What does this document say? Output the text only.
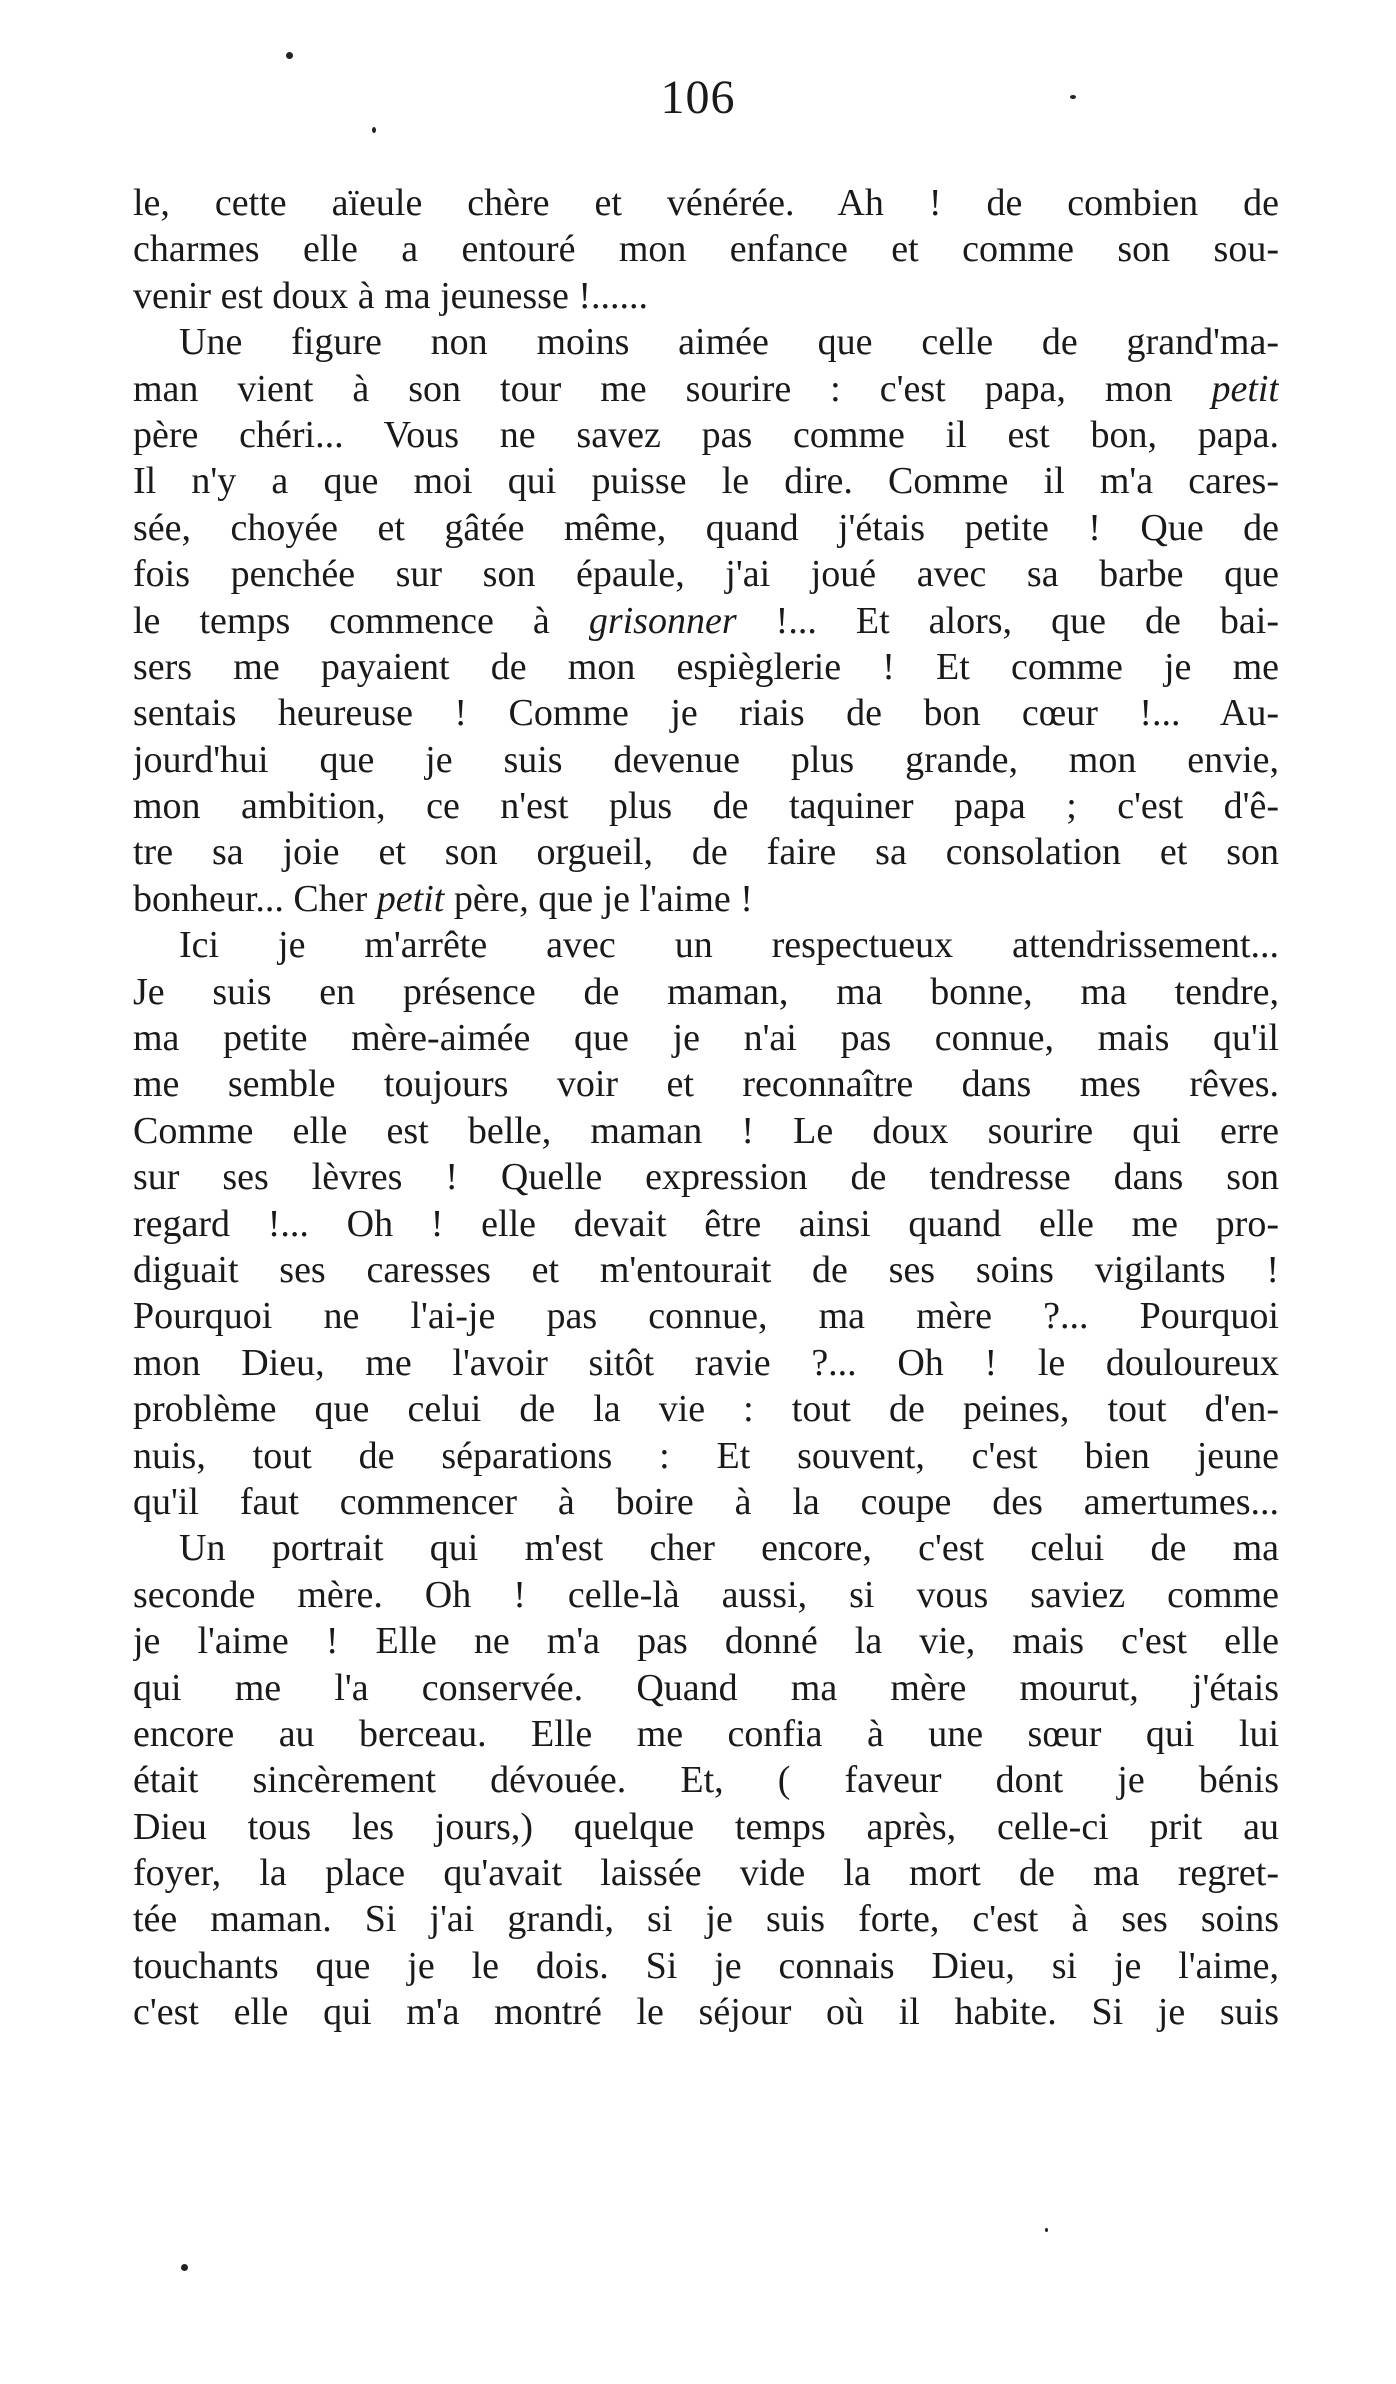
106
le, cette aïeule chère et vénérée. Ah ! de combien de
charmes elle a entouré mon enfance et comme son sou-
venir est doux à ma jeunesse !......
Une figure non moins aimée que celle de grand'ma-
man vient à son tour me sourire : c'est papa, mon petit
père chéri... Vous ne savez pas comme il est bon, papa.
Il n'y a que moi qui puisse le dire. Comme il m'a cares-
sée, choyée et gâtée même, quand j'étais petite ! Que de
fois penchée sur son épaule, j'ai joué avec sa barbe que
le temps commence à grisonner !... Et alors, que de bai-
sers me payaient de mon espièglerie ! Et comme je me
sentais heureuse ! Comme je riais de bon cœur !... Au-
jourd'hui que je suis devenue plus grande, mon envie,
mon ambition, ce n'est plus de taquiner papa ; c'est d'ê-
tre sa joie et son orgueil, de faire sa consolation et son
bonheur... Cher petit père, que je l'aime !
Ici je m'arrête avec un respectueux attendrissement...
Je suis en présence de maman, ma bonne, ma tendre,
ma petite mère-aimée que je n'ai pas connue, mais qu'il
me semble toujours voir et reconnaître dans mes rêves.
Comme elle est belle, maman ! Le doux sourire qui erre
sur ses lèvres ! Quelle expression de tendresse dans son
regard !... Oh ! elle devait être ainsi quand elle me pro-
diguait ses caresses et m'entourait de ses soins vigilants !
Pourquoi ne l'ai-je pas connue, ma mère ?... Pourquoi
mon Dieu, me l'avoir sitôt ravie ?... Oh ! le douloureux
problème que celui de la vie : tout de peines, tout d'en-
nuis, tout de séparations : Et souvent, c'est bien jeune
qu'il faut commencer à boire à la coupe des amertumes...
Un portrait qui m'est cher encore, c'est celui de ma
seconde mère. Oh ! celle-là aussi, si vous saviez comme
je l'aime ! Elle ne m'a pas donné la vie, mais c'est elle
qui me l'a conservée. Quand ma mère mourut, j'étais
encore au berceau. Elle me confia à une sœur qui lui
était sincèrement dévouée. Et, ( faveur dont je bénis
Dieu tous les jours,) quelque temps après, celle-ci prit au
foyer, la place qu'avait laissée vide la mort de ma regret-
tée maman. Si j'ai grandi, si je suis forte, c'est à ses soins
touchants que je le dois. Si je connais Dieu, si je l'aime,
c'est elle qui m'a montré le séjour où il habite. Si je suis
